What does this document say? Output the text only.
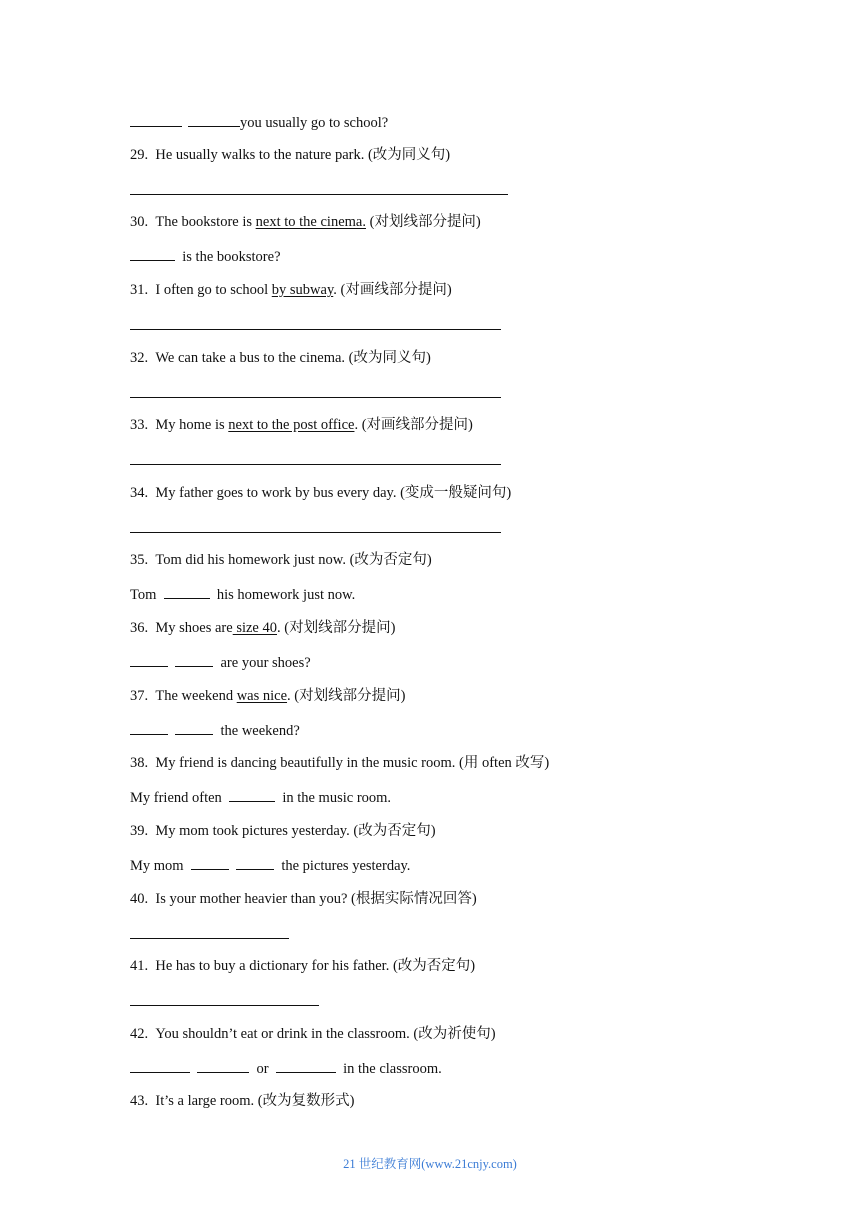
you usually go to school?
29. He usually walks to the nature park. (改为同义句)
30. The bookstore is next to the cinema. (对划线部分提问)
is the bookstore?
31. I often go to school by subway. (对画线部分提问)
32. We can take a bus to the cinema. (改为同义句)
33. My home is next to the post office. (对画线部分提问)
34. My father goes to work by bus every day. (变成一般疑问句)
35. Tom did his homework just now. (改为否定句)
Tom	his homework just now.
36. My shoes are size 40. (对划线部分提问)
are your shoes?
37. The weekend was nice. (对划线部分提问)
the weekend?
38. My friend is dancing beautifully in the music room. (用 often 改写)
My friend often	in the music room.
39. My mom took pictures yesterday. (改为否定句)
My mom	the pictures yesterday.
40. Is your mother heavier than you? (根据实际情况回答)
41. He has to buy a dictionary for his father. (改为否定句)
42. You shouldn’t eat or drink in the classroom. (改为祈使句)
or	in the classroom.
43. It’s a large room. (改为复数形式)
21 世纪教育网(www.21cnjy.com)
